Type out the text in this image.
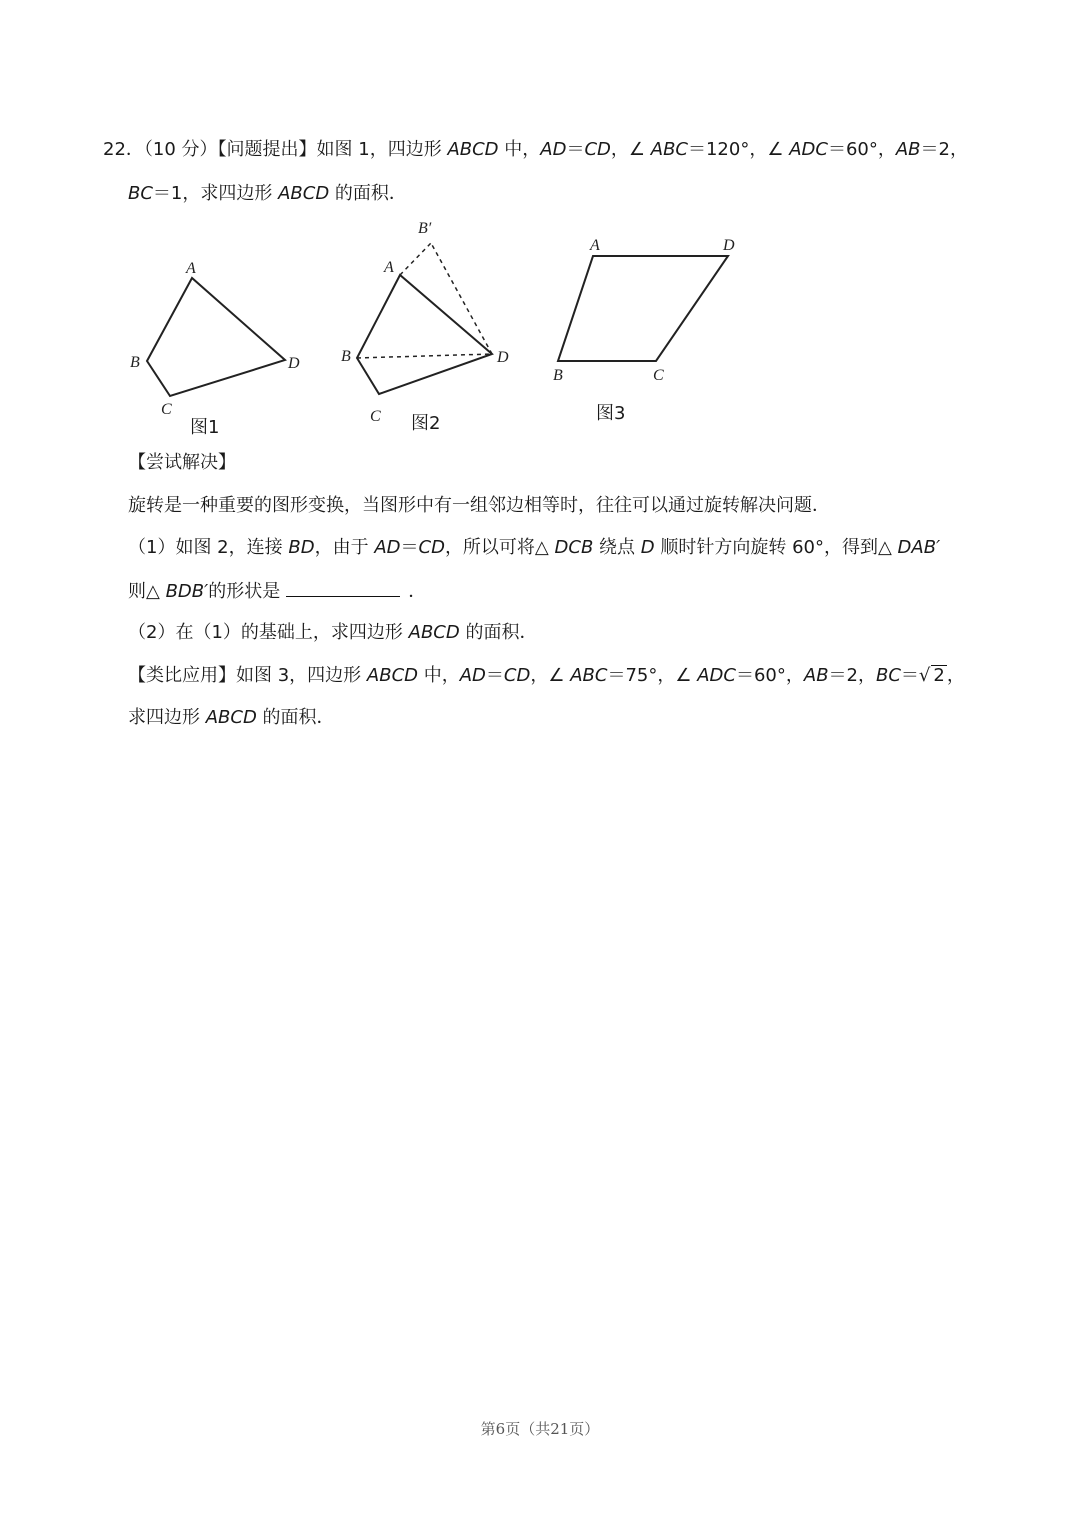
22．（10 分）【问题提出】如图 1，四边形 ABCD 中，AD＝CD，∠ ABC＝120°，∠ ADC＝60°，AB＝2，
BC＝1，求四边形 ABCD 的面积．
A
B
C
D
图1
B′
A
B
C
D
图2
A	D
B	C
图3
【尝试解决】
旋转是一种重要的图形变换，当图形中有一组邻边相等时，往往可以通过旋转解决问题．
（1）如图 2，连接 BD，由于 AD＝CD，所以可将△ DCB 绕点 D 顺时针方向旋转 60°，得到△ DAB′
则△ BDB′的形状是	．
（2）在（1）的基础上，求四边形 ABCD 的面积．
【类比应用】如图 3，四边形 ABCD 中，AD＝CD，∠ ABC＝75°，∠ ADC＝60°，AB＝2，BC＝√ 2 ，
求四边形 ABCD 的面积．
第6页（共21页）
